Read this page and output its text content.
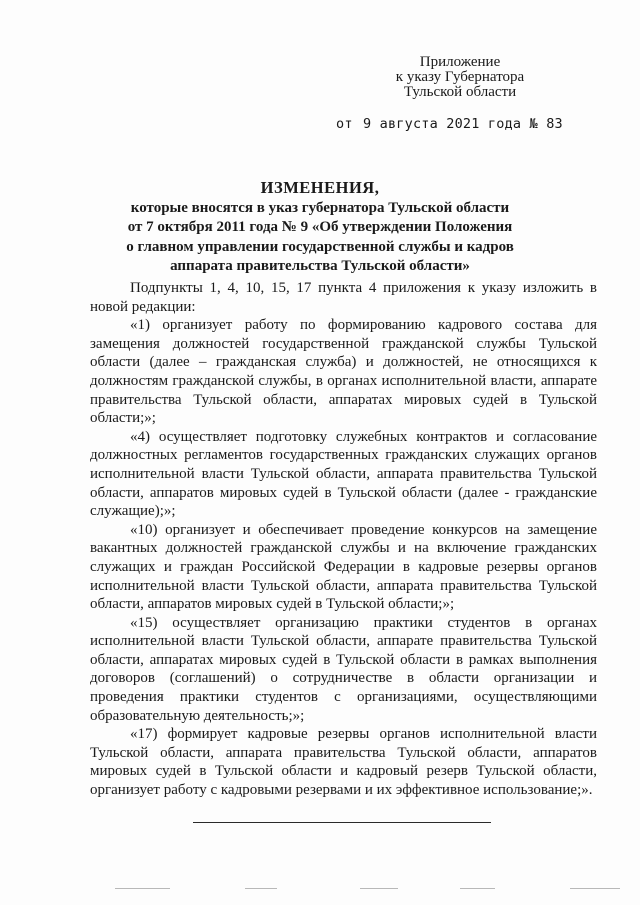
Приложение
к указу Губернатора
Тульской области
от 9 августа 2021 года № 83
ИЗМЕНЕНИЯ,
которые вносятся в указ губернатора Тульской области
от 7 октября 2011 года № 9 «Об утверждении Положения
о главном управлении государственной службы и кадров
аппарата правительства Тульской области»

Подпункты 1, 4, 10, 15, 17 пункта 4 приложения к указу изложить в новой редакции:

«1) организует работу по формированию кадрового состава для замещения должностей государственной гражданской службы Тульской области (далее – гражданская служба) и должностей, не относящихся к должностям гражданской службы, в органах исполнительной власти, аппарате правительства Тульской области, аппаратах мировых судей в Тульской области;»;

«4) осуществляет подготовку служебных контрактов и согласование должностных регламентов государственных гражданских служащих органов исполнительной власти Тульской области, аппарата правительства Тульской области, аппаратов мировых судей в Тульской области (далее - гражданские служащие);»;

«10) организует и обеспечивает проведение конкурсов на замещение вакантных должностей гражданской службы и на включение гражданских служащих и граждан Российской Федерации в кадровые резервы органов исполнительной власти Тульской области, аппарата правительства Тульской области, аппаратов мировых судей в Тульской области;»;

«15) осуществляет организацию практики студентов в органах исполнительной власти Тульской области, аппарате правительства Тульской области, аппаратах мировых судей в Тульской области в рамках выполнения договоров (соглашений) о сотрудничестве в области организации и проведения практики студентов с организациями, осуществляющими образовательную деятельность;»;

«17) формирует кадровые резервы органов исполнительной власти Тульской области, аппарата правительства Тульской области, аппаратов мировых судей в Тульской области и кадровый резерв Тульской области, организует работу с кадровыми резервами и их эффективное использование;».
